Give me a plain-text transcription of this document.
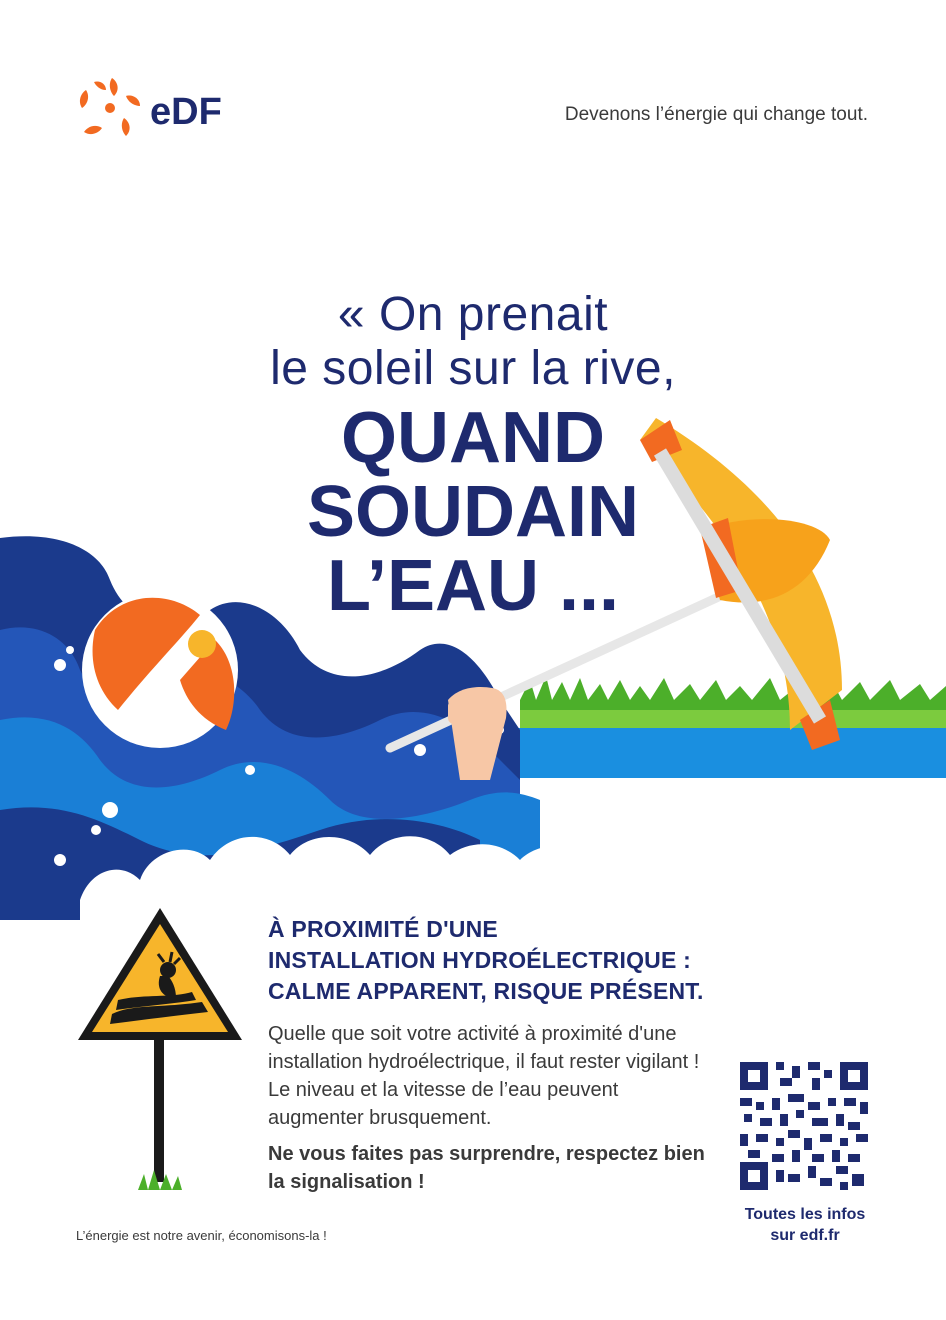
eDF	Devenons l’énergie qui change tout.
« On prenait
le soleil sur la rive,
QUAND
SOUDAIN
L’EAU ...
À PROXIMITÉ D'UNE
INSTALLATION HYDROÉLECTRIQUE :
CALME APPARENT, RISQUE PRÉSENT.
Quelle que soit votre activité à proximité d'une installation hydroélectrique, il faut rester vigilant ! Le niveau et la vitesse de l’eau peuvent augmenter brusquement.
Ne vous faites pas surprendre, respectez bien la signalisation !
Toutes les infos
sur edf.fr
L’énergie est notre avenir, économisons-la !
